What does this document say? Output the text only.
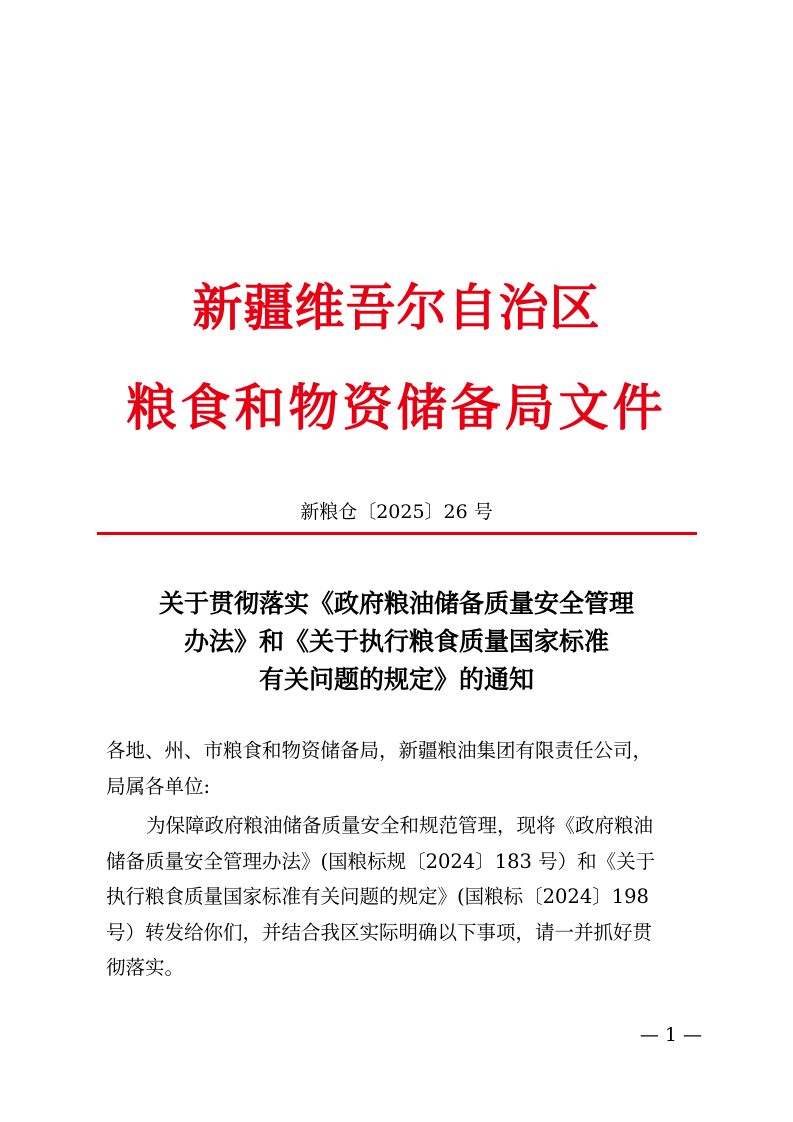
新疆维吾尔自治区
粮食和物资储备局文件
新粮仓〔2025〕26 号
关于贯彻落实《政府粮油储备质量安全管理
办法》和《关于执行粮食质量国家标准
有关问题的规定》的通知
各地、州、市粮食和物资储备局，新疆粮油集团有限责任公司，
局属各单位:
为保障政府粮油储备质量安全和规范管理，现将《政府粮油
储备质量安全管理办法》(国粮标规〔2024〕183 号）和《关于
执行粮食质量国家标准有关问题的规定》(国粮标〔2024〕198
号）转发给你们，并结合我区实际明确以下事项，请一并抓好贯
彻落实。
— 1 —
